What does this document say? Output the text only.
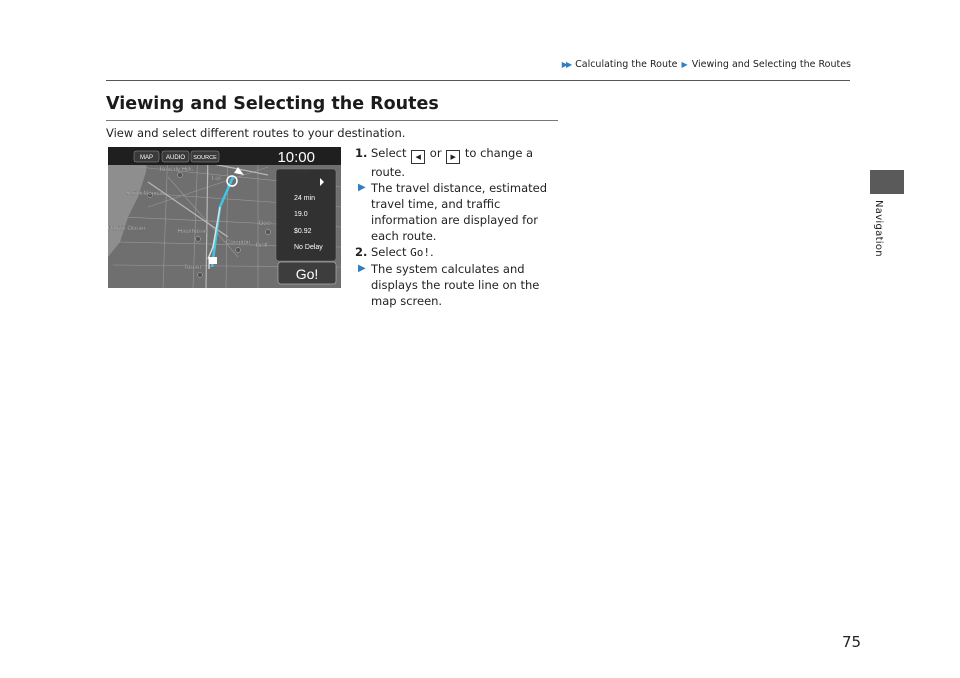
▶▶ Calculating the Route ▶ Viewing and Selecting the Routes
Navigation
Viewing and Selecting the Routes
View and select different routes to your destination.
MAP AUDIO SOURCE	10:00
Beverly Hills
Los
Santa Monica
Pacific Ocean	Hawthorne
Compton
Torran
Dow
Bellf
24 min
19.0
$0.92
No Delay
Go!
1. Select ◀ or ▶ to change a route.
▶ The travel distance, estimated
travel time, and traffic
information are displayed for
each route.
2. Select Go!.
▶ The system calculates and
displays the route line on the
map screen.
75
